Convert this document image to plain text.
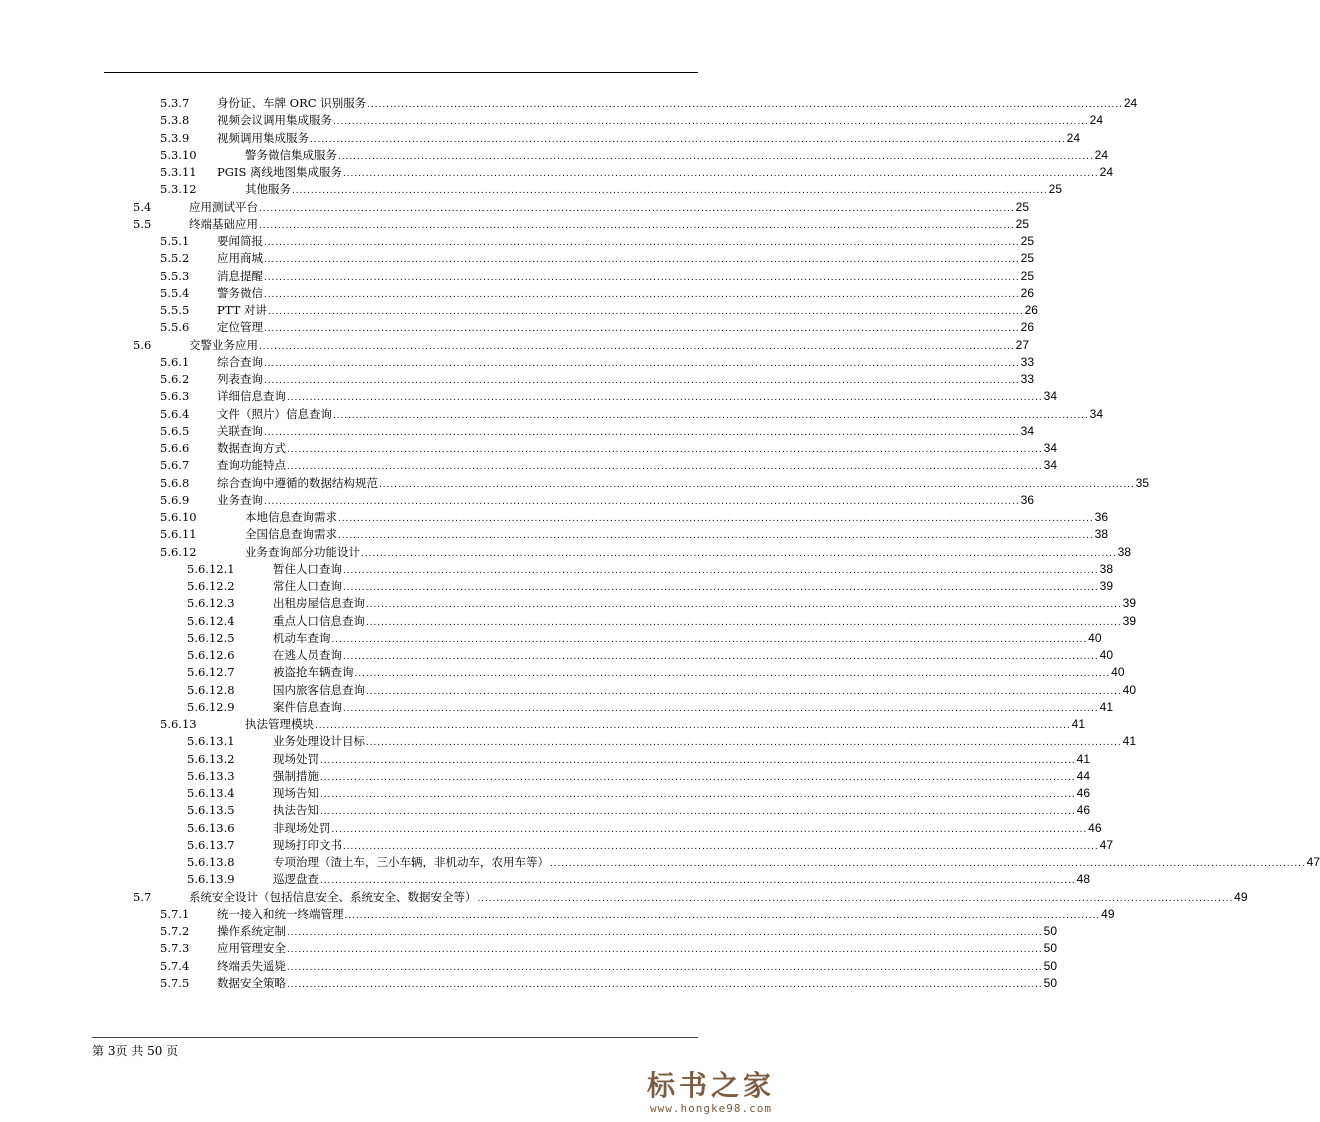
5.3.7 身份证、车牌 ORC 识别服务 ........................................................................................................................................................................................................ 24
5.3.8 视频会议调用集成服务 ........................................................................................................................................................................................................ 24
5.3.9 视频调用集成服务 ........................................................................................................................................................................................................ 24
5.3.10	警务微信集成服务 ........................................................................................................................................................................................................ 24
5.3.11 PGIS 离线地图集成服务 ........................................................................................................................................................................................................ 24
5.3.12	其他服务 ........................................................................................................................................................................................................ 25
5.4	应用测试平台 ........................................................................................................................................................................................................ 25
5.5	终端基础应用 ........................................................................................................................................................................................................ 25
5.5.1 要闻简报 ........................................................................................................................................................................................................ 25
5.5.2 应用商城 ........................................................................................................................................................................................................ 25
5.5.3 消息提醒 ........................................................................................................................................................................................................ 25
5.5.4 警务微信 ........................................................................................................................................................................................................ 26
5.5.5 PTT 对讲 ........................................................................................................................................................................................................ 26
5.5.6 定位管理 ........................................................................................................................................................................................................ 26
5.6	交警业务应用 ........................................................................................................................................................................................................ 27
5.6.1 综合查询 ........................................................................................................................................................................................................ 33
5.6.2 列表查询 ........................................................................................................................................................................................................ 33
5.6.3 详细信息查询 ........................................................................................................................................................................................................ 34
5.6.4 文件（照片）信息查询 ........................................................................................................................................................................................................ 34
5.6.5 关联查询 ........................................................................................................................................................................................................ 34
5.6.6 数据查询方式 ........................................................................................................................................................................................................ 34
5.6.7 查询功能特点 ........................................................................................................................................................................................................ 34
5.6.8 综合查询中遵循的数据结构规范 ........................................................................................................................................................................................................ 35
5.6.9 业务查询 ........................................................................................................................................................................................................ 36
5.6.10	本地信息查询需求 ........................................................................................................................................................................................................ 36
5.6.11	全国信息查询需求 ........................................................................................................................................................................................................ 38
5.6.12	业务查询部分功能设计 ........................................................................................................................................................................................................ 38
5.6.12.1	暂住人口查询 ........................................................................................................................................................................................................ 38
5.6.12.2	常住人口查询 ........................................................................................................................................................................................................ 39
5.6.12.3	出租房屋信息查询 ........................................................................................................................................................................................................ 39
5.6.12.4	重点人口信息查询 ........................................................................................................................................................................................................ 39
5.6.12.5	机动车查询 ........................................................................................................................................................................................................ 40
5.6.12.6	在逃人员查询 ........................................................................................................................................................................................................ 40
5.6.12.7	被盗抢车辆查询 ........................................................................................................................................................................................................ 40
5.6.12.8	国内旅客信息查询 ........................................................................................................................................................................................................ 40
5.6.12.9	案件信息查询 ........................................................................................................................................................................................................ 41
5.6.13	执法管理模块 ........................................................................................................................................................................................................ 41
5.6.13.1	业务处理设计目标 ........................................................................................................................................................................................................ 41
5.6.13.2	现场处罚 ........................................................................................................................................................................................................ 41
5.6.13.3	强制措施 ........................................................................................................................................................................................................ 44
5.6.13.4	现场告知 ........................................................................................................................................................................................................ 46
5.6.13.5	执法告知 ........................................................................................................................................................................................................ 46
5.6.13.6	非现场处罚 ........................................................................................................................................................................................................ 46
5.6.13.7	现场打印文书 ........................................................................................................................................................................................................ 47
5.6.13.8	专项治理（渣土车，三小车辆，非机动车，农用车等） ........................................................................................................................................................................................................ 47
5.6.13.9	巡逻盘查 ........................................................................................................................................................................................................ 48
5.7	系统安全设计（包括信息安全、系统安全、数据安全等） ........................................................................................................................................................................................................ 49
5.7.1 统一接入和统一终端管理 ........................................................................................................................................................................................................ 49
5.7.2 操作系统定制 ........................................................................................................................................................................................................ 50
5.7.3 应用管理安全 ........................................................................................................................................................................................................ 50
5.7.4 终端丢失遥毙 ........................................................................................................................................................................................................ 50
5.7.5 数据安全策略 ........................................................................................................................................................................................................ 50
第 3页 共 50 页
标书之家
www.hongke98.com
